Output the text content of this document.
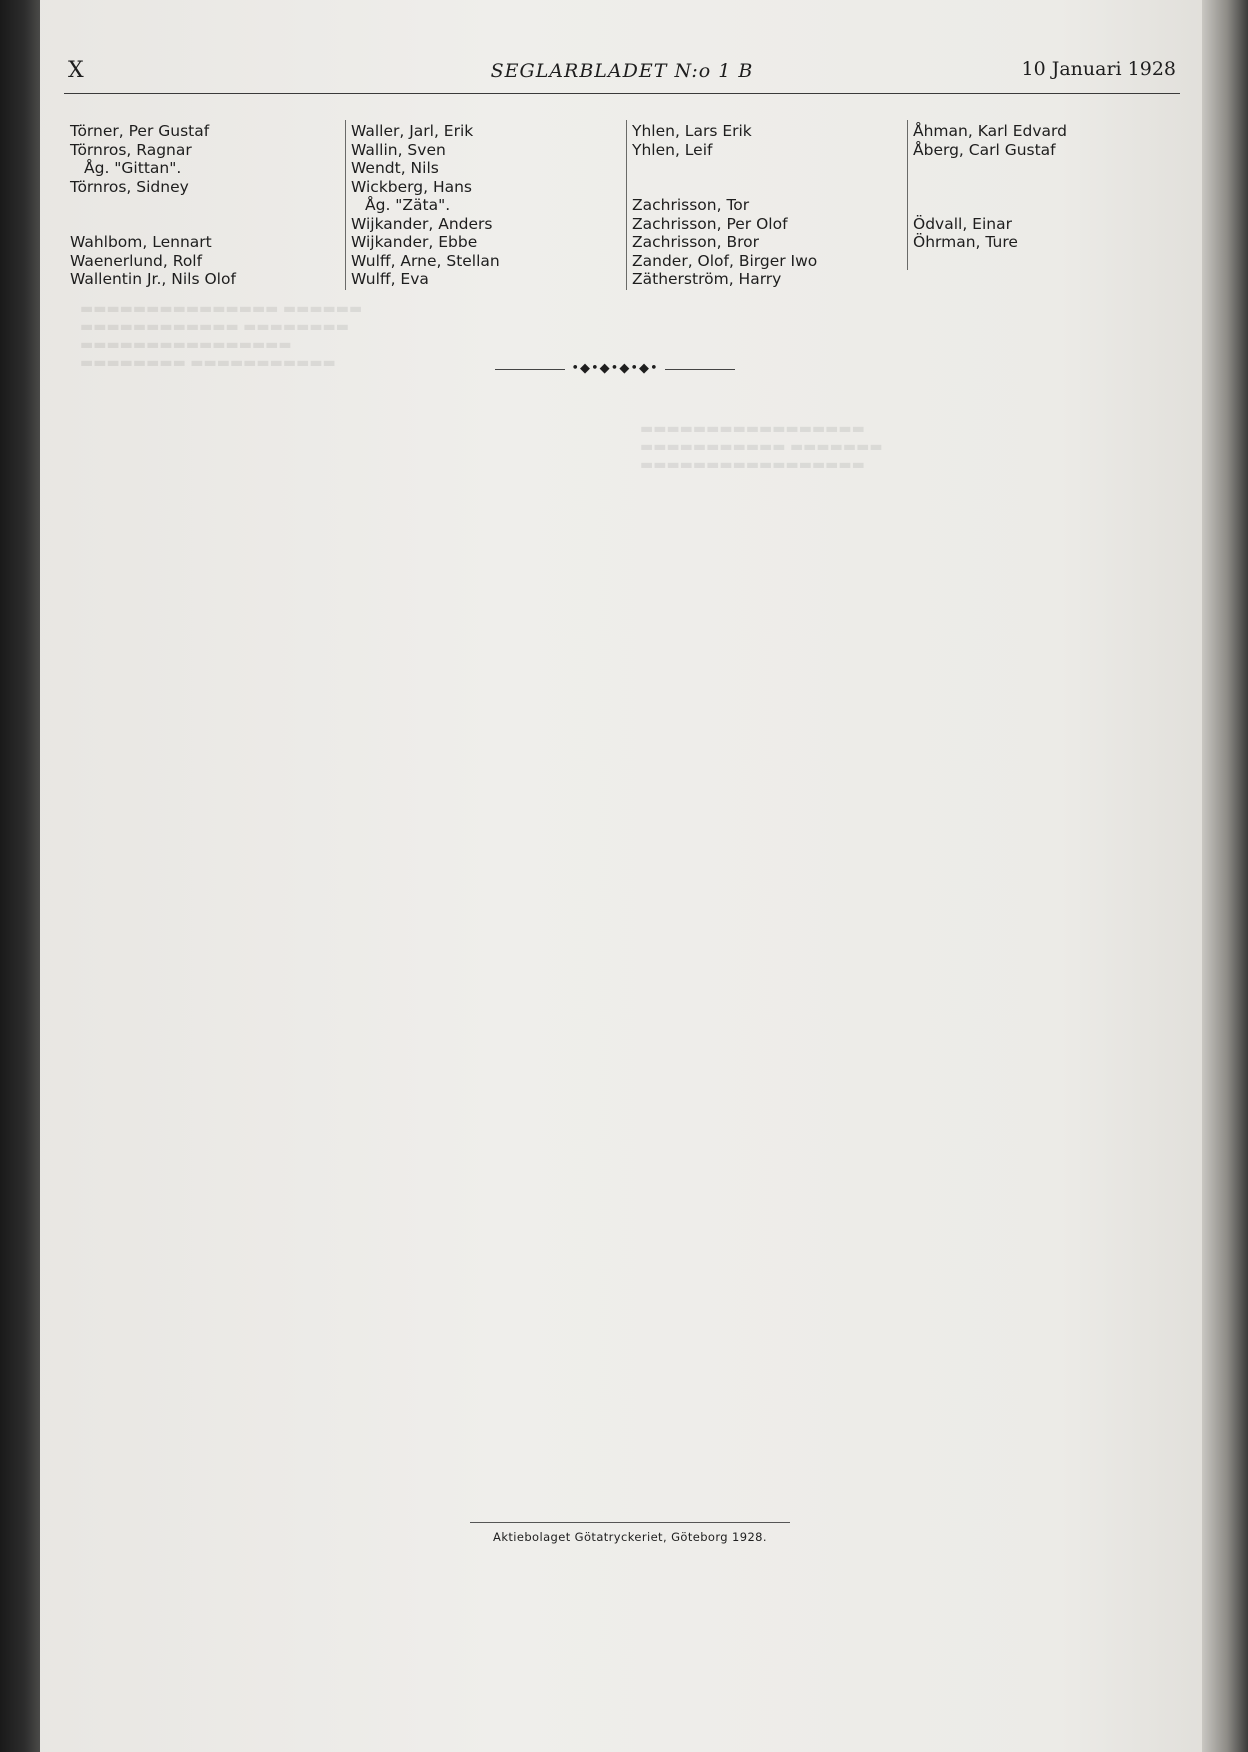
▬▬▬▬▬▬▬▬▬▬▬▬▬▬▬ ▬▬▬▬▬▬
▬▬▬▬▬▬▬▬▬▬▬▬ ▬▬▬▬▬▬▬▬
▬▬▬▬▬▬▬▬▬▬▬▬▬▬▬▬
▬▬▬▬▬▬▬▬ ▬▬▬▬▬▬▬▬▬▬▬
▬▬▬▬▬▬▬▬▬▬▬▬▬▬▬▬▬
▬▬▬▬▬▬▬▬▬▬▬ ▬▬▬▬▬▬▬
▬▬▬▬▬▬▬▬▬▬▬▬▬▬▬▬▬
X	SEGLARBLADET N:o 1 B	10 Januari 1928
Törner, Per Gustaf
Törnros, Ragnar
Åg. "Gittan".
Törnros, Sidney
Wahlbom, Lennart
Waenerlund, Rolf
Wallentin Jr., Nils Olof
Waller, Jarl, Erik
Wallin, Sven
Wendt, Nils
Wickberg, Hans
Åg. "Zäta".
Wijkander, Anders
Wijkander, Ebbe
Wulff, Arne, Stellan
Wulff, Eva
Yhlen, Lars Erik
Yhlen, Leif
Zachrisson, Tor
Zachrisson, Per Olof
Zachrisson, Bror
Zander, Olof, Birger Iwo
Zätherström, Harry
Åhman, Karl Edvard
Åberg, Carl Gustaf
Ödvall, Einar
Öhrman, Ture
•◆•◆•◆•◆•
Aktiebolaget Götatryckeriet, Göteborg 1928.
